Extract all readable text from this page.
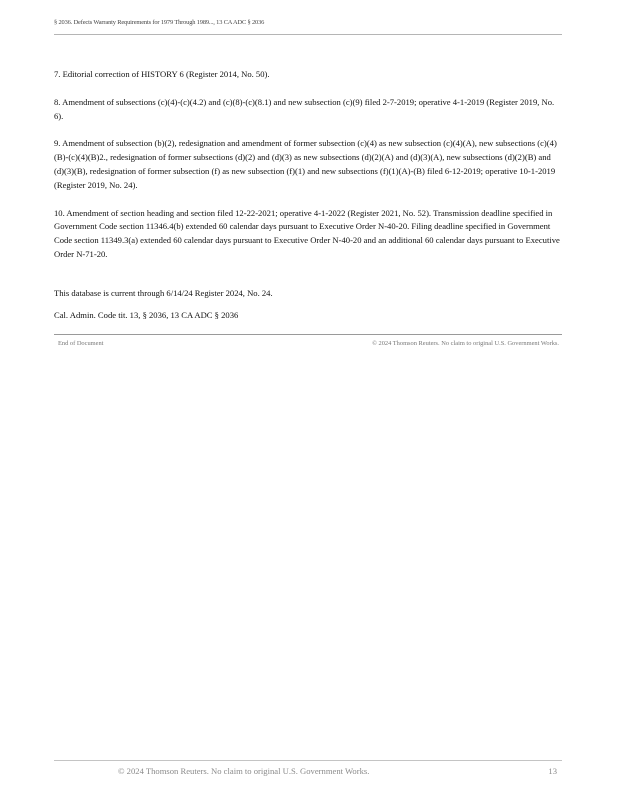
§ 2036. Defects Warranty Requirements for 1979 Through 1989..., 13 CA ADC § 2036

7. Editorial correction of HISTORY 6 (Register 2014, No. 50).

8. Amendment of subsections (c)(4)-(c)(4.2) and (c)(8)-(c)(8.1) and new subsection (c)(9) filed 2-7-2019; operative 4-1-2019 (Register 2019, No. 6).

9. Amendment of subsection (b)(2), redesignation and amendment of former subsection (c)(4) as new subsection (c)(4)(A), new subsections (c)(4)(B)-(c)(4)(B)2., redesignation of former subsections (d)(2) and (d)(3) as new subsections (d)(2)(A) and (d)(3)(A), new subsections (d)(2)(B) and (d)(3)(B), redesignation of former subsection (f) as new subsection (f)(1) and new subsections (f)(1)(A)-(B) filed 6-12-2019; operative 10-1-2019 (Register 2019, No. 24).

10. Amendment of section heading and section filed 12-22-2021; operative 4-1-2022 (Register 2021, No. 52). Transmission deadline specified in Government Code section 11346.4(b) extended 60 calendar days pursuant to Executive Order N-40-20. Filing deadline specified in Government Code section 11349.3(a) extended 60 calendar days pursuant to Executive Order N-40-20 and an additional 60 calendar days pursuant to Executive Order N-71-20.

This database is current through 6/14/24 Register 2024, No. 24.

Cal. Admin. Code tit. 13, § 2036, 13 CA ADC § 2036

End of Document	© 2024 Thomson Reuters. No claim to original U.S. Government Works.
© 2024 Thomson Reuters. No claim to original U.S. Government Works.	13
